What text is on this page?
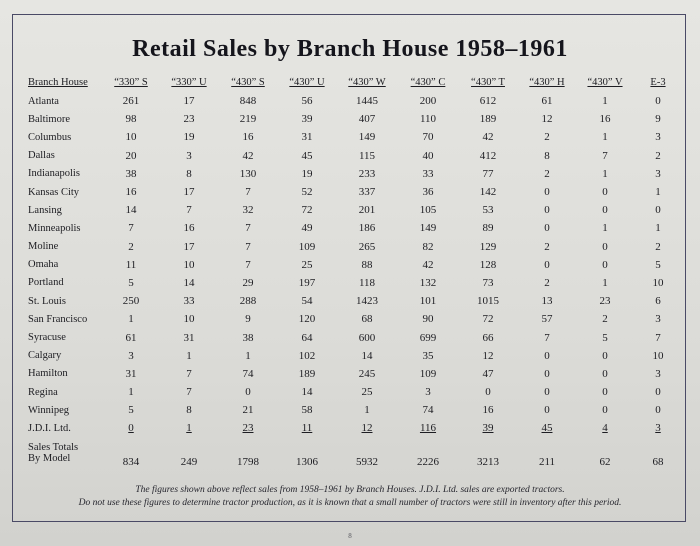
Retail Sales by Branch House 1958–1961
Branch House	“330” S	“330” U	“430” S	“430” U	“430” W	“430” C	“430” T	“430” H	“430” V	E-3
Atlanta	261	17	848	56	1445	200	612	61	1	0
Baltimore	98	23	219	39	407	110	189	12	16	9
Columbus	10	19	16	31	149	70	42	2	1	3
Dallas	20	3	42	45	115	40	412	8	7	2
Indianapolis	38	8	130	19	233	33	77	2	1	3
Kansas City	16	17	7	52	337	36	142	0	0	1
Lansing	14	7	32	72	201	105	53	0	0	0
Minneapolis	7	16	7	49	186	149	89	0	1	1
Moline	2	17	7	109	265	82	129	2	0	2
Omaha	11	10	7	25	88	42	128	0	0	5
Portland	5	14	29	197	118	132	73	2	1	10
St. Louis	250	33	288	54	1423	101	1015	13	23	6
San Francisco	1	10	9	120	68	90	72	57	2	3
Syracuse	61	31	38	64	600	699	66	7	5	7
Calgary	3	1	1	102	14	35	12	0	0	10
Hamilton	31	7	74	189	245	109	47	0	0	3
Regina	1	7	0	14	25	3	0	0	0	0
Winnipeg	5	8	21	58	1	74	16	0	0	0
J.D.I. Ltd.	0	1	23	11	12	116	39	45	4	3

Sales Totals
By Model	834	249	1798	1306	5932	2226	3213	211	62	68
The figures shown above reflect sales from 1958–1961 by Branch Houses. J.D.I. Ltd. sales are exported tractors.
Do not use these figures to determine tractor production, as it is known that a small number of tractors were still in inventory after this period.
8
